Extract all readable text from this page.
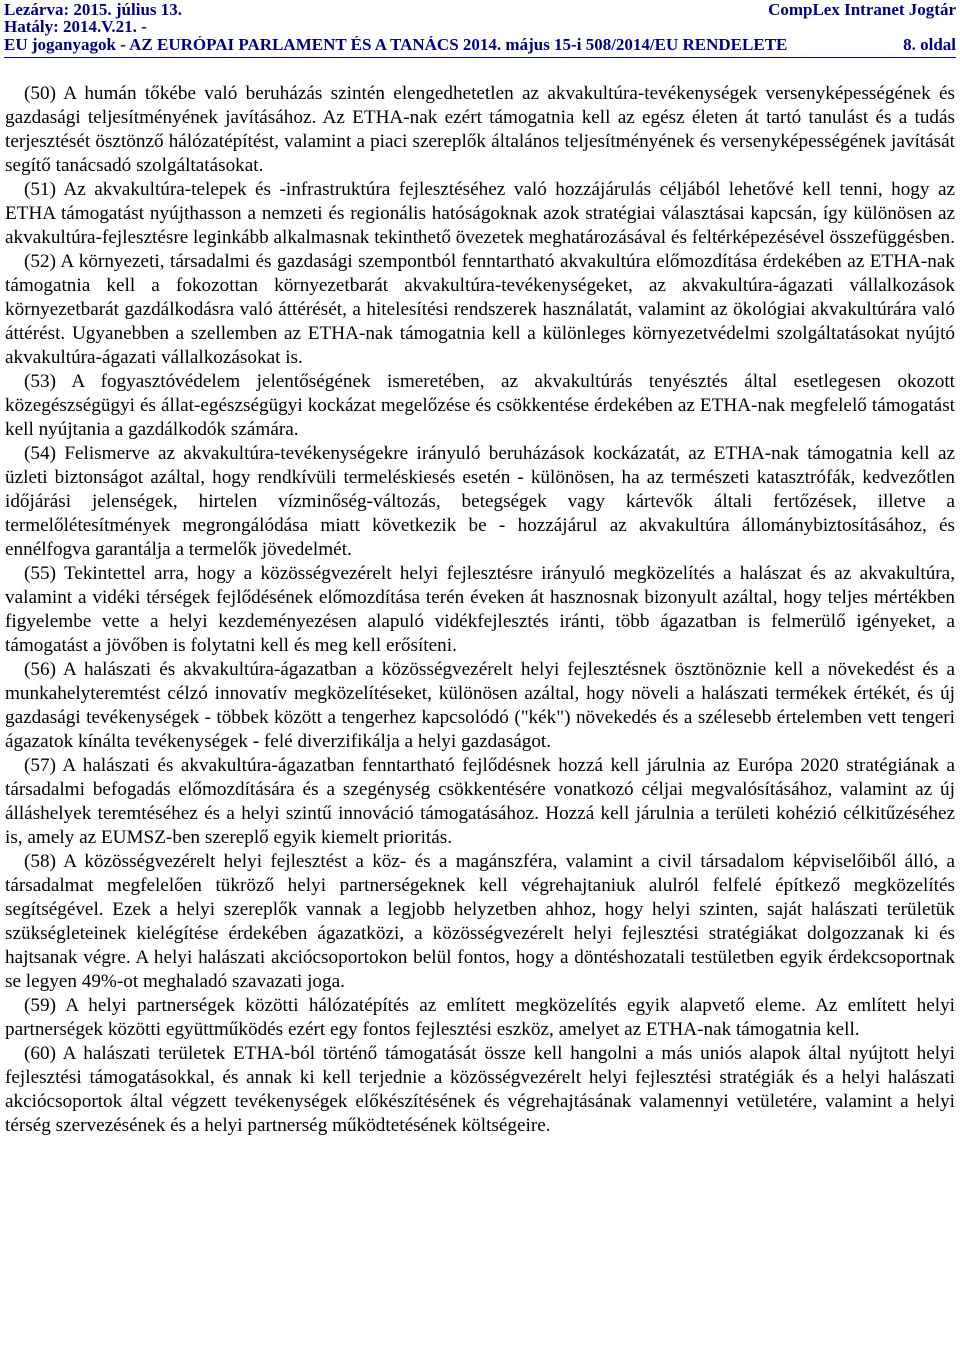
Lezárva: 2015. július 13.	CompLex Intranet Jogtár
Hatály: 2014.V.21. -
EU joganyagok - AZ EURÓPAI PARLAMENT ÉS A TANÁCS 2014. május 15-i 508/2014/EU RENDELETE	8. oldal

(50) A humán tőkébe való beruházás szintén elengedhetetlen az akvakultúra-tevékenységek versenyképességének és gazdasági teljesítményének javításához. Az ETHA-nak ezért támogatnia kell az egész életen át tartó tanulást és a tudás terjesztését ösztönző hálózatépítést, valamint a piaci szereplők általános teljesítményének és versenyképességének javítását segítő tanácsadó szolgáltatásokat.

(51) Az akvakultúra-telepek és -infrastruktúra fejlesztéséhez való hozzájárulás céljából lehetővé kell tenni, hogy az ETHA támogatást nyújthasson a nemzeti és regionális hatóságoknak azok stratégiai választásai kapcsán, így különösen az akvakultúra-fejlesztésre leginkább alkalmasnak tekinthető övezetek meghatározásával és feltérképezésével összefüggésben.

(52) A környezeti, társadalmi és gazdasági szempontból fenntartható akvakultúra előmozdítása érdekében az ETHA-nak támogatnia kell a fokozottan környezetbarát akvakultúra-tevékenységeket, az akvakultúra-ágazati vállalkozások környezetbarát gazdálkodásra való áttérését, a hitelesítési rendszerek használatát, valamint az ökológiai akvakultúrára való áttérést. Ugyanebben a szellemben az ETHA-nak támogatnia kell a különleges környezetvédelmi szolgáltatásokat nyújtó akvakultúra-ágazati vállalkozásokat is.

(53) A fogyasztóvédelem jelentőségének ismeretében, az akvakultúrás tenyésztés által esetlegesen okozott közegészségügyi és állat-egészségügyi kockázat megelőzése és csökkentése érdekében az ETHA-nak megfelelő támogatást kell nyújtania a gazdálkodók számára.

(54) Felismerve az akvakultúra-tevékenységekre irányuló beruházások kockázatát, az ETHA-nak támogatnia kell az üzleti biztonságot azáltal, hogy rendkívüli termeléskiesés esetén - különösen, ha az természeti katasztrófák, kedvezőtlen időjárási jelenségek, hirtelen vízminőség-változás, betegségek vagy kártevők általi fertőzések, illetve a termelőlétesítmények megrongálódása miatt következik be - hozzájárul az akvakultúra állománybiztosításához, és ennélfogva garantálja a termelők jövedelmét.

(55) Tekintettel arra, hogy a közösségvezérelt helyi fejlesztésre irányuló megközelítés a halászat és az akvakultúra, valamint a vidéki térségek fejlődésének előmozdítása terén éveken át hasznosnak bizonyult azáltal, hogy teljes mértékben figyelembe vette a helyi kezdeményezésen alapuló vidékfejlesztés iránti, több ágazatban is felmerülő igényeket, a támogatást a jövőben is folytatni kell és meg kell erősíteni.

(56) A halászati és akvakultúra-ágazatban a közösségvezérelt helyi fejlesztésnek ösztönöznie kell a növekedést és a munkahelyteremtést célzó innovatív megközelítéseket, különösen azáltal, hogy növeli a halászati termékek értékét, és új gazdasági tevékenységek - többek között a tengerhez kapcsolódó ("kék") növekedés és a szélesebb értelemben vett tengeri ágazatok kínálta tevékenységek - felé diverzifikálja a helyi gazdaságot.

(57) A halászati és akvakultúra-ágazatban fenntartható fejlődésnek hozzá kell járulnia az Európa 2020 stratégiának a társadalmi befogadás előmozdítására és a szegénység csökkentésére vonatkozó céljai megvalósításához, valamint az új álláshelyek teremtéséhez és a helyi szintű innováció támogatásához. Hozzá kell járulnia a területi kohézió célkitűzéséhez is, amely az EUMSZ-ben szereplő egyik kiemelt prioritás.

(58) A közösségvezérelt helyi fejlesztést a köz- és a magánszféra, valamint a civil társadalom képviselőiből álló, a társadalmat megfelelően tükröző helyi partnerségeknek kell végrehajtaniuk alulról felfelé építkező megközelítés segítségével. Ezek a helyi szereplők vannak a legjobb helyzetben ahhoz, hogy helyi szinten, saját halászati területük szükségleteinek kielégítése érdekében ágazatközi, a közösségvezérelt helyi fejlesztési stratégiákat dolgozzanak ki és hajtsanak végre. A helyi halászati akciócsoportokon belül fontos, hogy a döntéshozatali testületben egyik érdekcsoportnak se legyen 49%-ot meghaladó szavazati joga.

(59) A helyi partnerségek közötti hálózatépítés az említett megközelítés egyik alapvető eleme. Az említett helyi partnerségek közötti együttműködés ezért egy fontos fejlesztési eszköz, amelyet az ETHA-nak támogatnia kell.

(60) A halászati területek ETHA-ból történő támogatását össze kell hangolni a más uniós alapok által nyújtott helyi fejlesztési támogatásokkal, és annak ki kell terjednie a közösségvezérelt helyi fejlesztési stratégiák és a helyi halászati akciócsoportok által végzett tevékenységek előkészítésének és végrehajtásának valamennyi vetületére, valamint a helyi térség szervezésének és a helyi partnerség működtetésének költségeire.
